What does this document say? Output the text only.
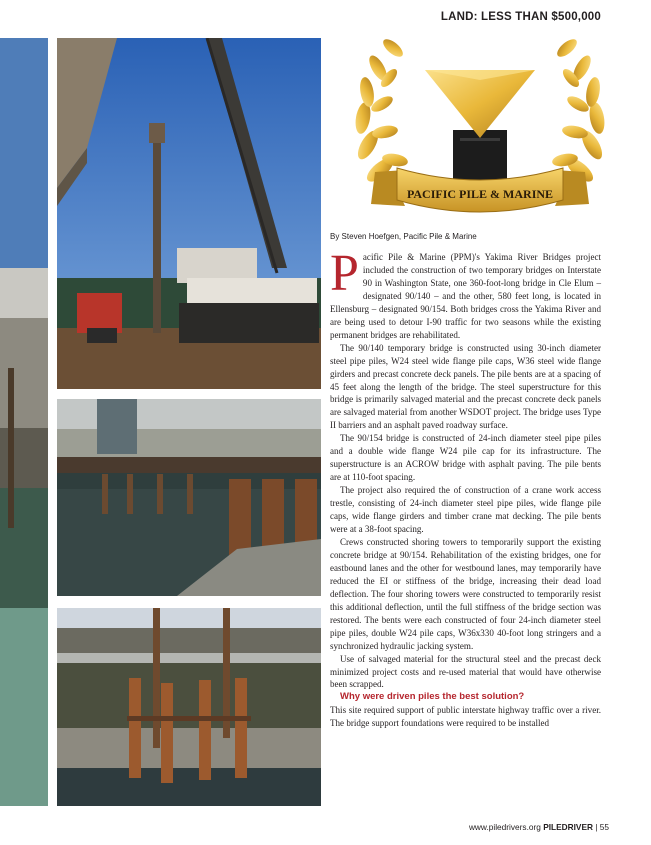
LAND: LESS THAN $500,000
PACIFIC PILE & MARINE
By Steven Hoefgen, Pacific Pile & Marine

Pacific Pile & Marine (PPM)'s Yakima River Bridges project included the construction of two temporary bridges on Interstate 90 in Washington State, one 360-foot-long bridge in Cle Elum – designated 90/140 – and the other, 580 feet long, is located in Ellensburg – designated 90/154. Both bridges cross the Yakima River and are being used to detour I-90 traffic for two seasons while the existing permanent bridges are rehabilitated.

The 90/140 temporary bridge is constructed using 30-inch diameter steel pipe piles, W24 steel wide flange pile caps, W36 steel wide flange girders and precast concrete deck panels. The pile bents are at a spacing of 45 feet along the length of the bridge. The steel superstructure for this bridge is primarily salvaged material and the precast concrete deck panels are salvaged material from another WSDOT project. The bridge uses Type II barriers and an asphalt paved roadway surface.

The 90/154 bridge is constructed of 24-inch diameter steel pipe piles and a double wide flange W24 pile cap for its infrastructure. The superstructure is an ACROW bridge with asphalt paving. The pile bents are at 110-foot spacing.

The project also required the of construction of a crane work access trestle, consisting of 24-inch diameter steel pipe piles, wide flange pile caps, wide flange girders and timber crane mat decking. The pile bents were at a 38-foot spacing.

Crews constructed shoring towers to temporarily support the existing concrete bridge at 90/154. Rehabilitation of the existing bridges, one for eastbound lanes and the other for westbound lanes, may temporarily have reduced the EI or stiffness of the bridge, increasing their dead load deflection. The four shoring towers were constructed to temporarily resist this additional deflection, until the full stiffness of the bridge section was restored. The bents were each constructed of four 24-inch diameter steel pipe piles, double W24 pile caps, W36x330 40-foot long stringers and a synchronized hydraulic jacking system.

Use of salvaged material for the structural steel and the precast deck minimized project costs and re-used material that would have otherwise been scrapped.

Why were driven piles the best solution?

This site required support of public interstate highway traffic over a river. The bridge support foundations were required to be installed

www.piledrivers.org PILEDRIVER | 55
